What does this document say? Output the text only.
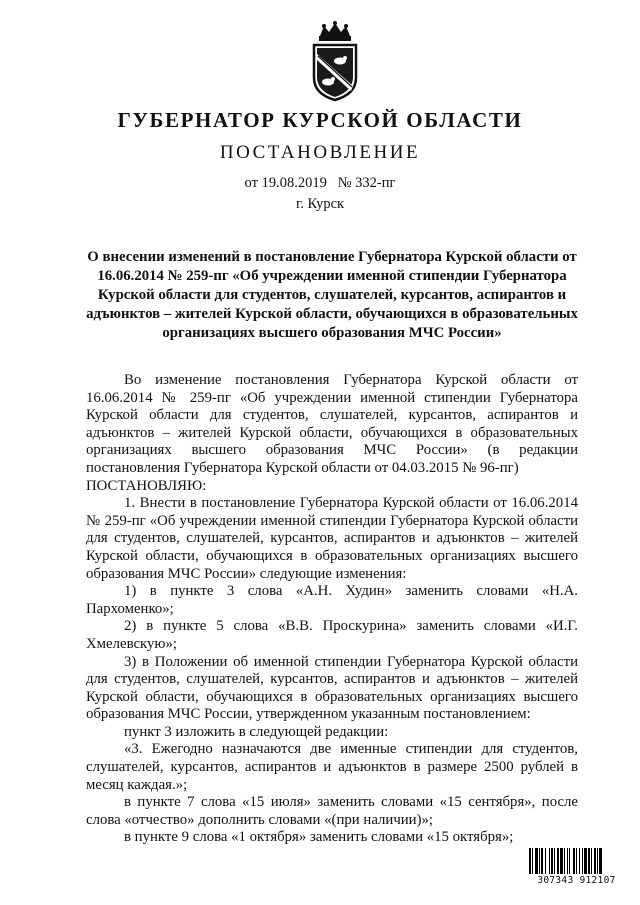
ГУБЕРНАТОР КУРСКОЙ ОБЛАСТИ
ПОСТАНОВЛЕНИЕ
от 19.08.2019   № 332-пг
г. Курск
О внесении изменений в постановление Губернатора Курской области от 16.06.2014 № 259-пг «Об учреждении именной стипендии Губернатора Курской области для студентов, слушателей, курсантов, аспирантов и адъюнктов – жителей Курской области, обучающихся в образовательных организациях высшего образования МЧС России»

Во изменение постановления Губернатора Курской области от 16.06.2014 № 259-пг «Об учреждении именной стипендии Губернатора Курской области для студентов, слушателей, курсантов, аспирантов и адъюнктов – жителей Курской области, обучающихся в образовательных организациях высшего образования МЧС России» (в редакции постановления Губернатора Курской области от 04.03.2015 № 96-пг)

ПОСТАНОВЛЯЮ:

1. Внести в постановление Губернатора Курской области от 16.06.2014 № 259-пг «Об учреждении именной стипендии Губернатора Курской области для студентов, слушателей, курсантов, аспирантов и адъюнктов – жителей Курской области, обучающихся в образовательных организациях высшего образования МЧС России» следующие изменения:

1) в пункте 3 слова «А.Н. Худин» заменить словами «Н.А. Пархоменко»;

2) в пункте 5 слова «В.В. Проскурина» заменить словами «И.Г. Хмелевскую»;

3) в Положении об именной стипендии Губернатора Курской области для студентов, слушателей, курсантов, аспирантов и адъюнктов – жителей Курской области, обучающихся в образовательных организациях высшего образования МЧС России, утвержденном указанным постановлением:

пункт 3 изложить в следующей редакции:

«3. Ежегодно назначаются две именные стипендии для студентов, слушателей, курсантов, аспирантов и адъюнктов в размере 2500 рублей в месяц каждая.»;

в пункте 7 слова «15 июля» заменить словами «15 сентября», после слова «отчество» дополнить словами «(при наличии)»;

в пункте 9 слова «1 октября» заменить словами «15 октября»;

307343 912107
